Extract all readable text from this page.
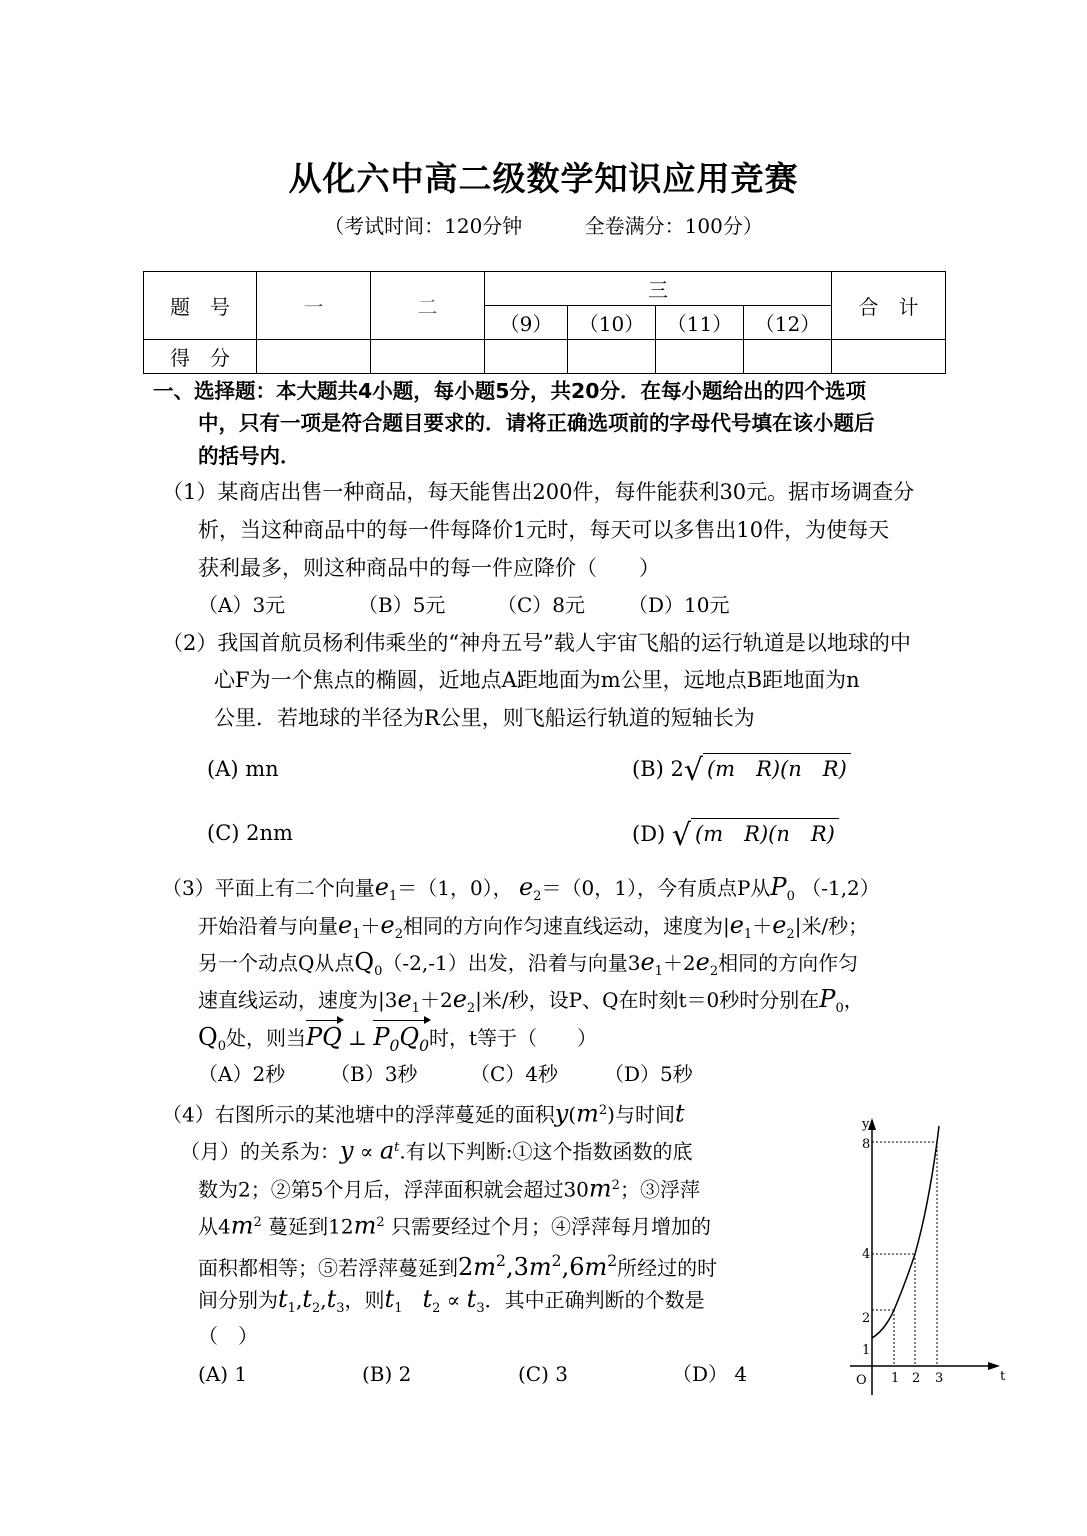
从化六中高二级数学知识应用竞赛
（考试时间：120分钟	全卷满分：100分）
题　号	一	二	三				合　计
			（9）	（10）	（11）	（12）	
得　分							
一、选择题：本大题共4小题，每小题5分，共20分．在每小题给出的四个选项
中，只有一项是符合题目要求的．请将正确选项前的字母代号填在该小题后
的括号内．
（1）某商店出售一种商品，每天能售出200件，每件能获利30元。据市场调查分
析，当这种商品中的每一件每降价1元时，每天可以多售出10件，为使每天
获利最多，则这种商品中的每一件应降价（　　）
（A）3元	（B）5元	（C）8元 （D）10元
（2）我国首航员杨利伟乘坐的“神舟五号”载人宇宙飞船的运行轨道是以地球的中
心F为一个焦点的椭圆，近地点A距地面为m公里，远地点B距地面为n
公里．若地球的半径为R公里，则飞船运行轨道的短轴长为
(A) mn	(B) 2√ (m　R)(n　R)
(C) 2nm	(D) √ (m　R)(n　R)
（3）平面上有二个向量$e_1=(1$，0）， $e_2=(0$，1），今有质点P从$P_0$ （-1,2）
开始沿着与向量$e_1+e_2$相同的方向作匀速直线运动，速度为$|e_1+e_2|$米/秒；
另一个动点Q从点$Q_0(-2,-1)$出发，沿着与向量$3e_1+2e_2$相同的方向作匀
速直线运动，速度为$|3e_1+2e_2|$米/秒，设P、Q在时刻t＝0秒时分别在$P_0$，
$Q_0$处，则当PQ ⊥ $P_0Q_0$时，t等于（　　）
（A）2秒 （B）3秒	（C）4秒 （D）5秒
（4）右图所示的某池塘中的浮萍蔓延的面积$y(m^2)$与时间t
（月）的关系为：$y \propto a^t$.有以下判断:①这个指数函数的底
数为2；②第5个月后，浮萍面积就会超过$30m^2$；③浮萍
从$4m^2$ 蔓延到$12m^2$ 只需要经过个月；④浮萍每月增加的
面积都相等；⑤若浮萍蔓延到$2m^2,3m^2,6m^2$所经过的时
间分别为$t_1,t_2,t_3$，则$t_1$　 $t_2 \propto t_3$．其中正确判断的个数是
（　）
(A) 1	(B) 2	(C) 3	（D） 4
y
t
O
1
2
4
8
1 2 3
